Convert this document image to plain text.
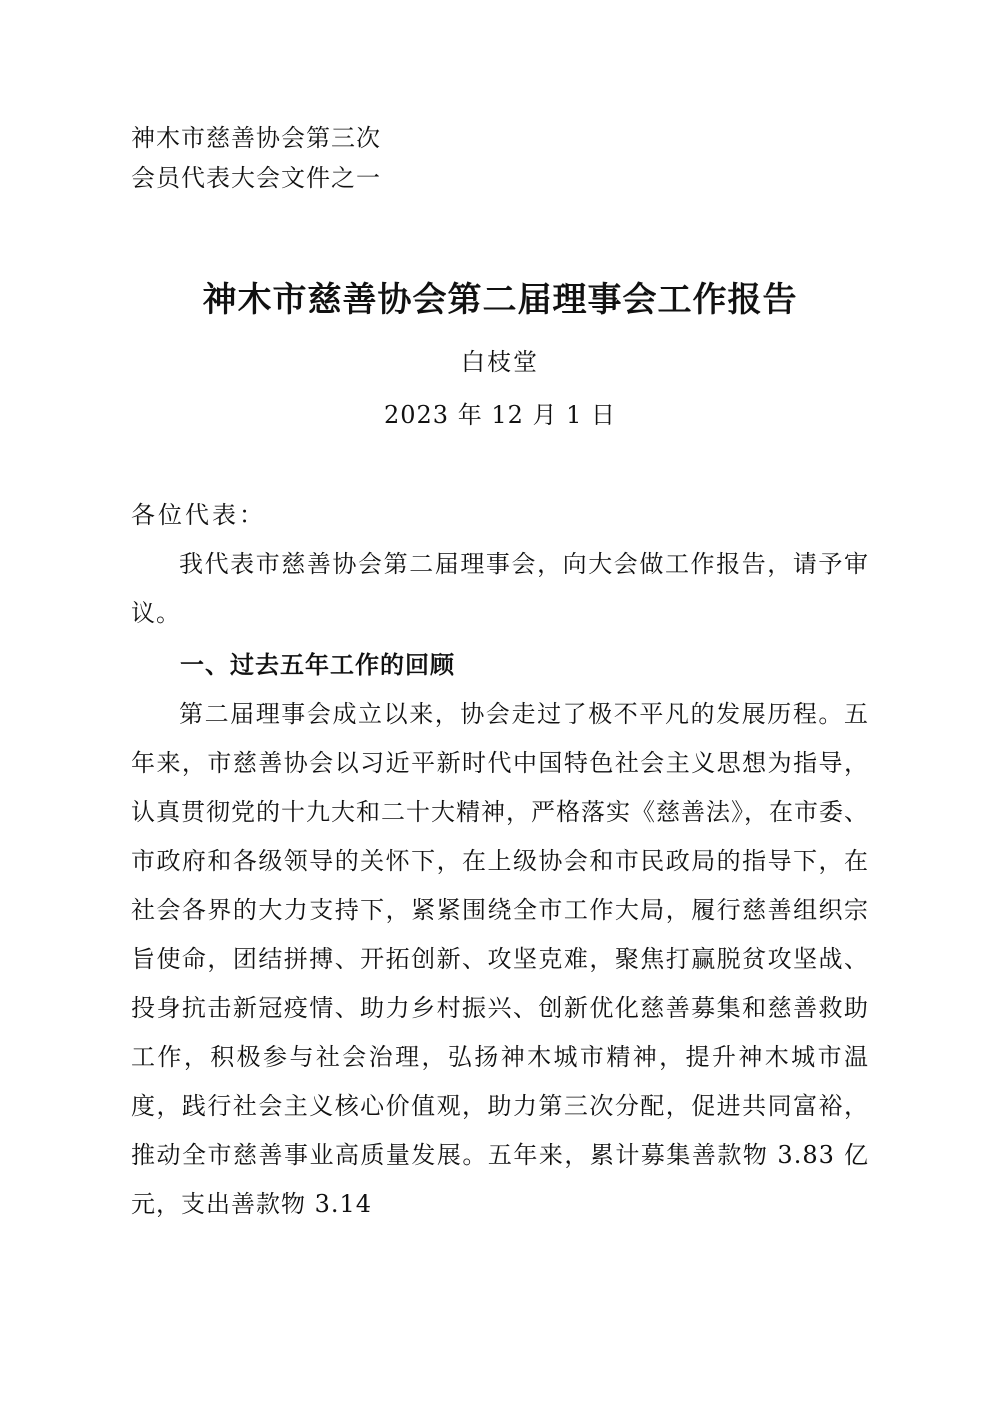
神木市慈善协会第三次
会员代表大会文件之一
神木市慈善协会第二届理事会工作报告
白枝堂
2023 年 12 月 1 日
各位代表：
我代表市慈善协会第二届理事会，向大会做工作报告，请予审议。
一、过去五年工作的回顾
第二届理事会成立以来，协会走过了极不平凡的发展历程。五年来，市慈善协会以习近平新时代中国特色社会主义思想为指导，认真贯彻党的十九大和二十大精神，严格落实《慈善法》，在市委、市政府和各级领导的关怀下，在上级协会和市民政局的指导下，在社会各界的大力支持下，紧紧围绕全市工作大局，履行慈善组织宗旨使命，团结拼搏、开拓创新、攻坚克难，聚焦打赢脱贫攻坚战、投身抗击新冠疫情、助力乡村振兴、创新优化慈善募集和慈善救助工作，积极参与社会治理，弘扬神木城市精神，提升神木城市温度，践行社会主义核心价值观，助力第三次分配，促进共同富裕，推动全市慈善事业高质量发展。五年来，累计募集善款物 3.83 亿元，支出善款物 3.14
